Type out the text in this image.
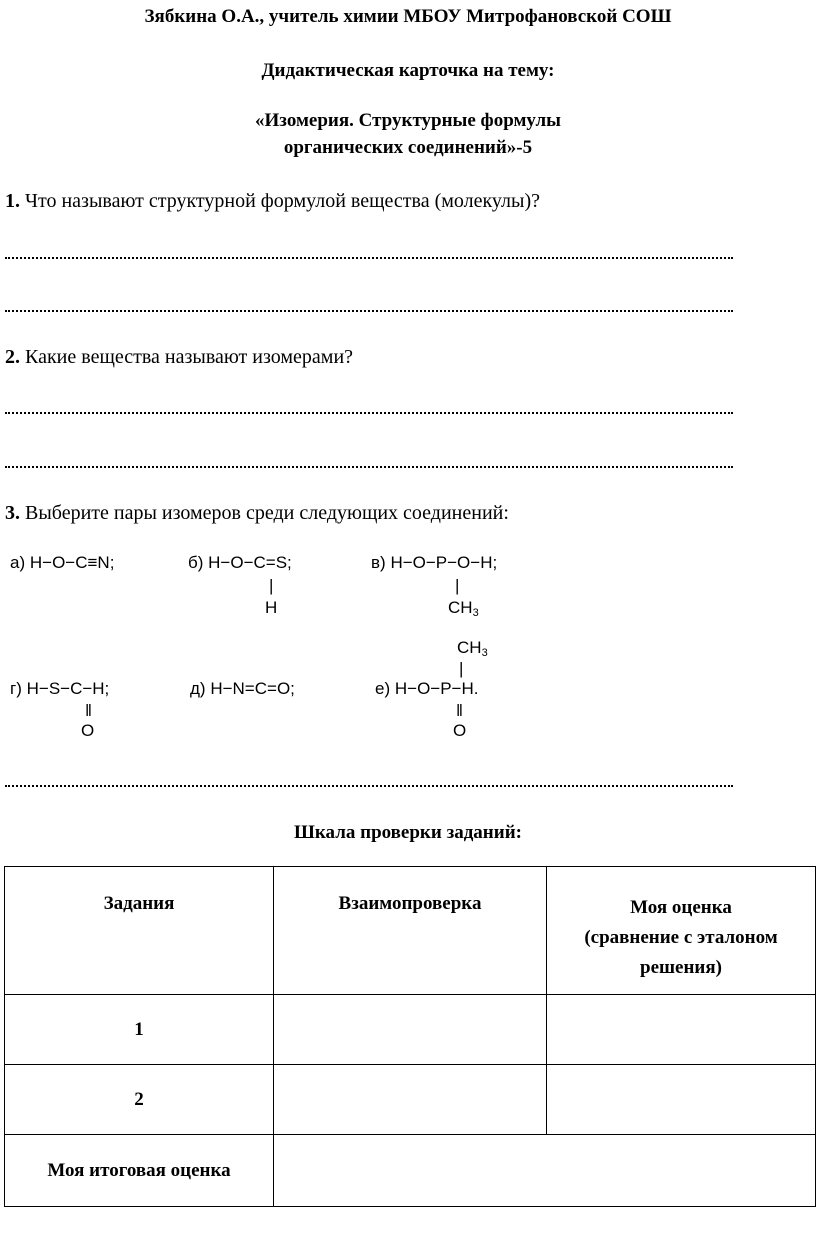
Зябкина О.А., учитель химии МБОУ Митрофановской СОШ
Дидактическая карточка на тему:
«Изомерия. Структурные формулы
органических соединений»-5
1. Что называют структурной формулой вещества (молекулы)?
2. Какие вещества называют изомерами?
3. Выберите пары изомеров среди следующих соединений:
а) H−O−C≡N;	б) H−O−C=S;
|
H
в) H−O−P−O−H;
|
$CH_3$
$CH_3$
|
г) H−S−C−H;
‖
O
д) H−N=C=O;	е) H−O−P−H.
‖
O
Шкала проверки заданий:
Задания	Взаимопроверка	Моя оценка
(сравнение с эталоном
решения)

1		
2		
Моя итоговая оценка		
